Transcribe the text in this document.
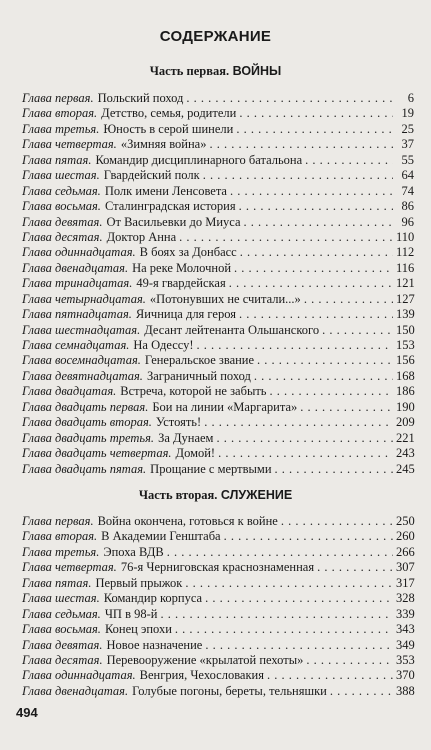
СОДЕРЖАНИЕ
Часть первая. ВОЙНЫ
Глава первая. Польский поход . . .	6
Глава вторая. Детство, семья, родители . . .	19
Глава третья. Юность в серой шинели . . .	25
Глава четвертая. «Зимняя война» . . .	37
Глава пятая. Командир дисциплинарного батальона . . .	55
Глава шестая. Гвардейский полк . . .	64
Глава седьмая. Полк имени Ленсовета . . .	74
Глава восьмая. Сталинградская история . . .	86
Глава девятая. От Васильевки до Миуса . . .	96
Глава десятая. Доктор Анна . . .	110
Глава одиннадцатая. В боях за Донбасс . . .	112
Глава двенадцатая. На реке Молочной . . .	116
Глава тринадцатая. 49-я гвардейская . . .	121
Глава четырнадцатая. «Потонувших не считали...» . . .	127
Глава пятнадцатая. Яичница для героя . . .	139
Глава шестнадцатая. Десант лейтенанта Ольшанского . . .	150
Глава семнадцатая. На Одессу! . . .	153
Глава восемнадцатая. Генеральское звание . . .	156
Глава девятнадцатая. Заграничный поход . . .	168
Глава двадцатая. Встреча, которой не забыть . . .	186
Глава двадцать первая. Бои на линии «Маргарита» . . .	190
Глава двадцать вторая. Устоять! . . .	209
Глава двадцать третья. За Дунаем . . .	221
Глава двадцать четвертая. Домой! . . .	243
Глава двадцать пятая. Прощание с мертвыми . . .	245
Часть вторая. СЛУЖЕНИЕ
Глава первая. Война окончена, готовься к войне . . .	250
Глава вторая. В Академии Генштаба . . .	260
Глава третья. Эпоха ВДВ . . .	266
Глава четвертая. 76-я Черниговская краснознаменная . . .	307
Глава пятая. Первый прыжок . . .	317
Глава шестая. Командир корпуса . . .	328
Глава седьмая. ЧП в 98-й . . .	339
Глава восьмая. Конец эпохи . . .	343
Глава девятая. Новое назначение . . .	349
Глава десятая. Перевооружение «крылатой пехоты» . . .	353
Глава одиннадцатая. Венгрия, Чехословакия . . .	370
Глава двенадцатая. Голубые погоны, береты, тельняшки . . .	388
494
